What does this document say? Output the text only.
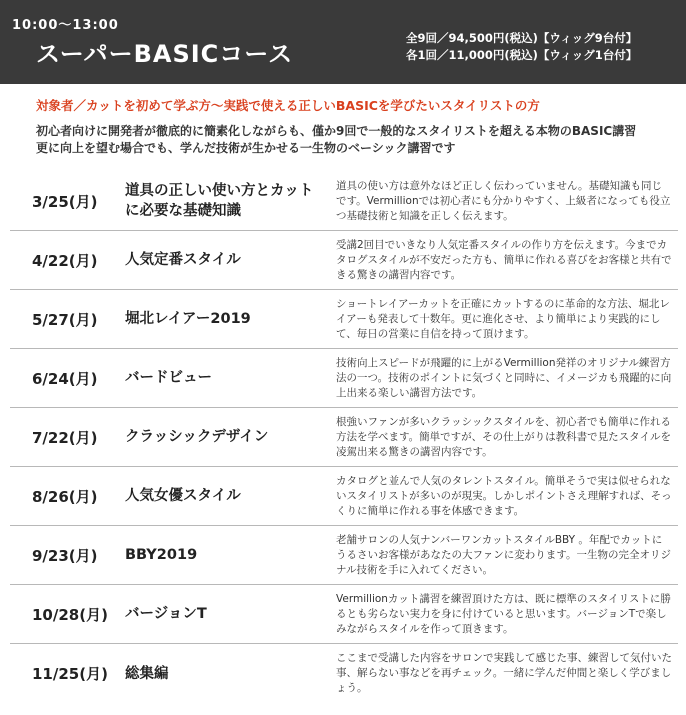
10:00〜13:00
スーパーBASICコース
全9回／94,500円(税込)【ウィッグ9台付】
各1回／11,000円(税込)【ウィッグ1台付】
対象者／カットを初めて学ぶ方〜実践で使える正しいBASICを学びたいスタイリストの方
初心者向けに開発者が徹底的に簡素化しながらも、僅か9回で一般的なスタイリストを超える本物のBASIC講習
更に向上を望む場合でも、学んだ技術が生かせる一生物のベーシック講習です
3/25(月)
道具の正しい使い方とカットに必要な基礎知識
道具の使い方は意外なほど正しく伝わっていません。基礎知識も同じです。Vermillionでは初心者にも分かりやすく、上級者になっても役立つ基礎技術と知識を正しく伝えます。
4/22(月) 人気定番スタイル
受講2回目でいきなり人気定番スタイルの作り方を伝えます。今までカタログスタイルが不安だった方も、簡単に作れる喜びをお客様と共有できる驚きの講習内容です。
5/27(月) 堀北レイアー2019
ショートレイアーカットを正確にカットするのに革命的な方法、堀北レイアーも発表して十数年。更に進化させ、より簡単により実践的にして、毎日の営業に自信を持って頂けます。
6/24(月) バードビュー
技術向上スピードが飛躍的に上がるVermillion発祥のオリジナル練習方法の一つ。技術のポイントに気づくと同時に、イメージカも飛躍的に向上出来る楽しい講習方法です。
7/22(月) クラッシックデザイン
根強いファンが多いクラッシックスタイルを、初心者でも簡単に作れる方法を学べます。簡単ですが、その仕上がりは教科書で見たスタイルを凌駕出来る驚きの講習内容です。
8/26(月) 人気女優スタイル
カタログと並んで人気のタレントスタイル。簡単そうで実は似せられないスタイリストが多いのが現実。しかしポイントさえ理解すれば、そっくりに簡単に作れる事を体感できます。
9/23(月) BBY2019
老舗サロンの人気ナンバーワンカットスタイルBBY 。年配でカットにうるさいお客様があなたの大ファンに変わります。一生物の完全オリジナル技術を手に入れてください。
10/28(月) バージョンT
Vermillionカット講習を練習頂けた方は、既に標準のスタイリストに勝るとも劣らない実力を身に付けていると思います。バージョンTで楽しみながらスタイルを作って頂きます。
11/25(月) 総集編
ここまで受講した内容をサロンで実践して感じた事、練習して気付いた事、解らない事などを再チェック。一緒に学んだ仲間と楽しく学びましょう。
